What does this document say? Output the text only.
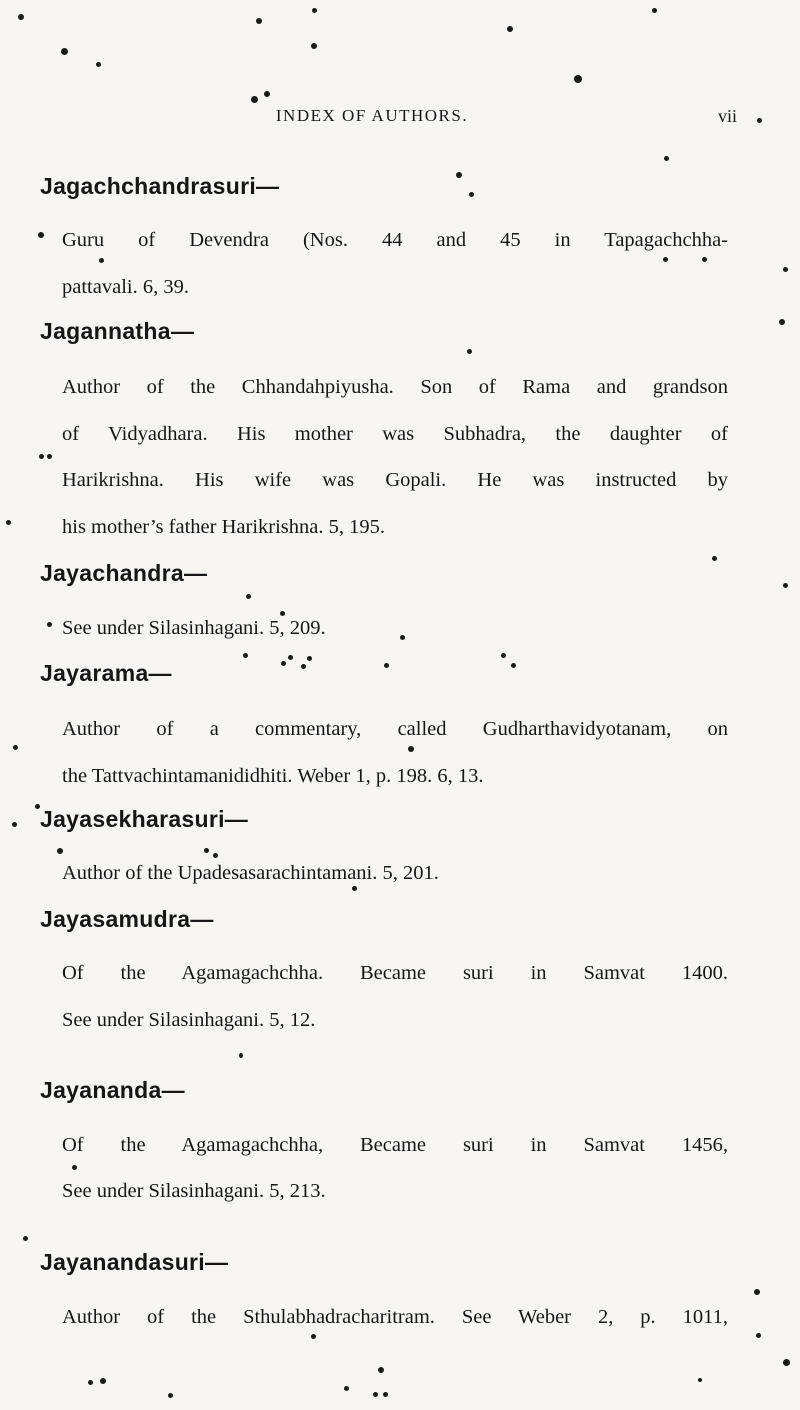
INDEX OF AUTHORS.	vii
Jagachchandrasuri—
Guru of Devendra (Nos. 44 and 45 in Tapagachchha-
pattavali. 6, 39.
Jagannatha—
Author of the Chhandahpiyusha. Son of Rama and grandson
of Vidyadhara. His mother was Subhadra, the daughter of
Harikrishna. His wife was Gopali. He was instructed by
his mother’s father Harikrishna. 5, 195.
Jayachandra—
See under Silasinhagani. 5, 209.
Jayarama—
Author of a commentary, called Gudharthavidyotanam, on
the Tattvachintamanididhiti. Weber 1, p. 198. 6, 13.
Jayasekharasuri—
Author of the Upadesasarachintamani. 5, 201.
Jayasamudra—
Of the Agamagachchha. Became suri in Samvat 1400.
See under Silasinhagani. 5, 12.
Jayananda—
Of the Agamagachchha, Became suri in Samvat 1456,
See under Silasinhagani. 5, 213.
Jayanandasuri—
Author of the Sthulabhadracharitram. See Weber 2, p. 1011,
